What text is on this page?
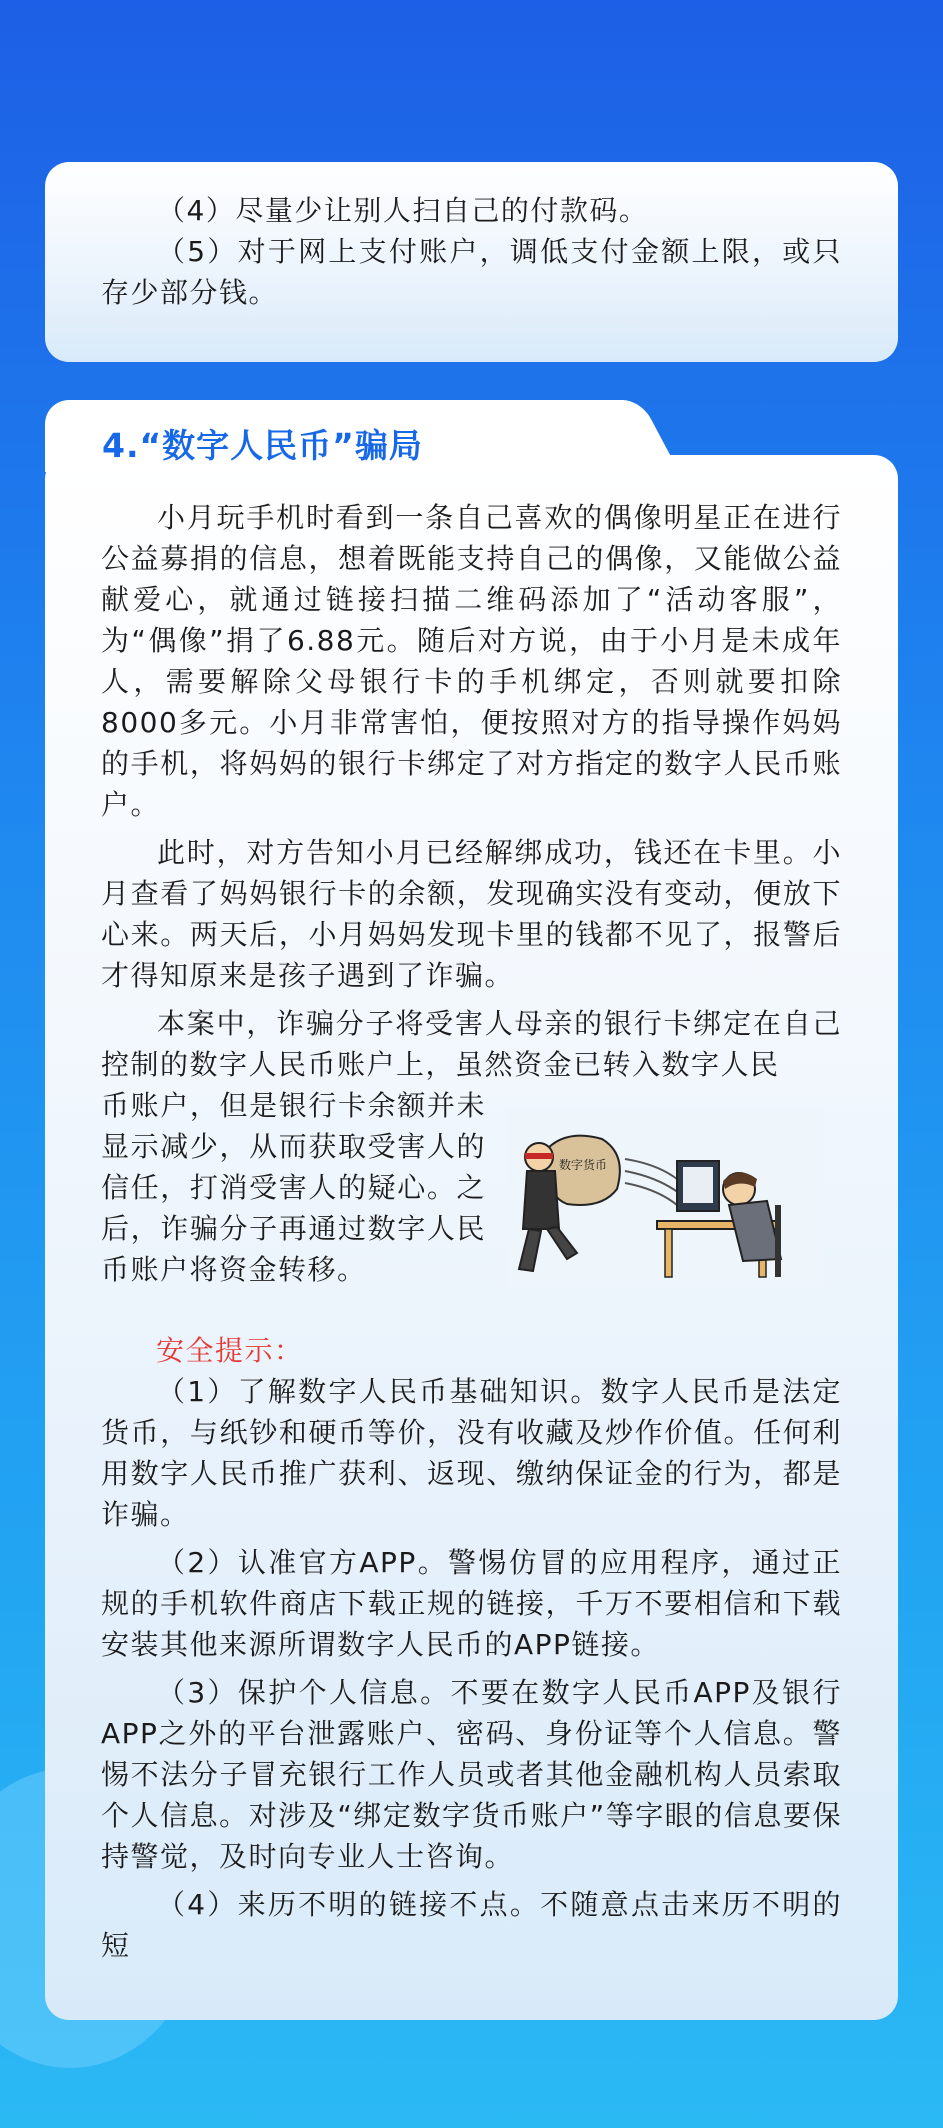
（4）尽量少让别人扫自己的付款码。

（5）对于网上支付账户，调低支付金额上限，或只存少部分钱。

小月玩手机时看到一条自己喜欢的偶像明星正在进行公益募捐的信息，想着既能支持自己的偶像，又能做公益献爱心，就通过链接扫描二维码添加了“活动客服”，为“偶像”捐了6.88元。随后对方说，由于小月是未成年人，需要解除父母银行卡的手机绑定，否则就要扣除8000多元。小月非常害怕，便按照对方的指导操作妈妈的手机，将妈妈的银行卡绑定了对方指定的数字人民币账户。

此时，对方告知小月已经解绑成功，钱还在卡里。小月查看了妈妈银行卡的余额，发现确实没有变动，便放下心来。两天后，小月妈妈发现卡里的钱都不见了，报警后才得知原来是孩子遇到了诈骗。

本案中，诈骗分子将受害人母亲的银行卡绑定在自己控制的数字人民币账户上，虽然资金已转入数字人民

币账户，但是银行卡余额并未显示减少，从而获取受害人的信任，打消受害人的疑心。之后，诈骗分子再通过数字人民币账户将资金转移。

数字货币

安全提示：

（1）了解数字人民币基础知识。数字人民币是法定货币，与纸钞和硬币等价，没有收藏及炒作价值。任何利用数字人民币推广获利、返现、缴纳保证金的行为，都是诈骗。

（2）认准官方APP。警惕仿冒的应用程序，通过正规的手机软件商店下载正规的链接，千万不要相信和下载安装其他来源所谓数字人民币的APP链接。

（3）保护个人信息。不要在数字人民币APP及银行APP之外的平台泄露账户、密码、身份证等个人信息。警惕不法分子冒充银行工作人员或者其他金融机构人员索取个人信息。对涉及“绑定数字货币账户”等字眼的信息要保持警觉，及时向专业人士咨询。

（4）来历不明的链接不点。不随意点击来历不明的短

4.“数字人民币”骗局
